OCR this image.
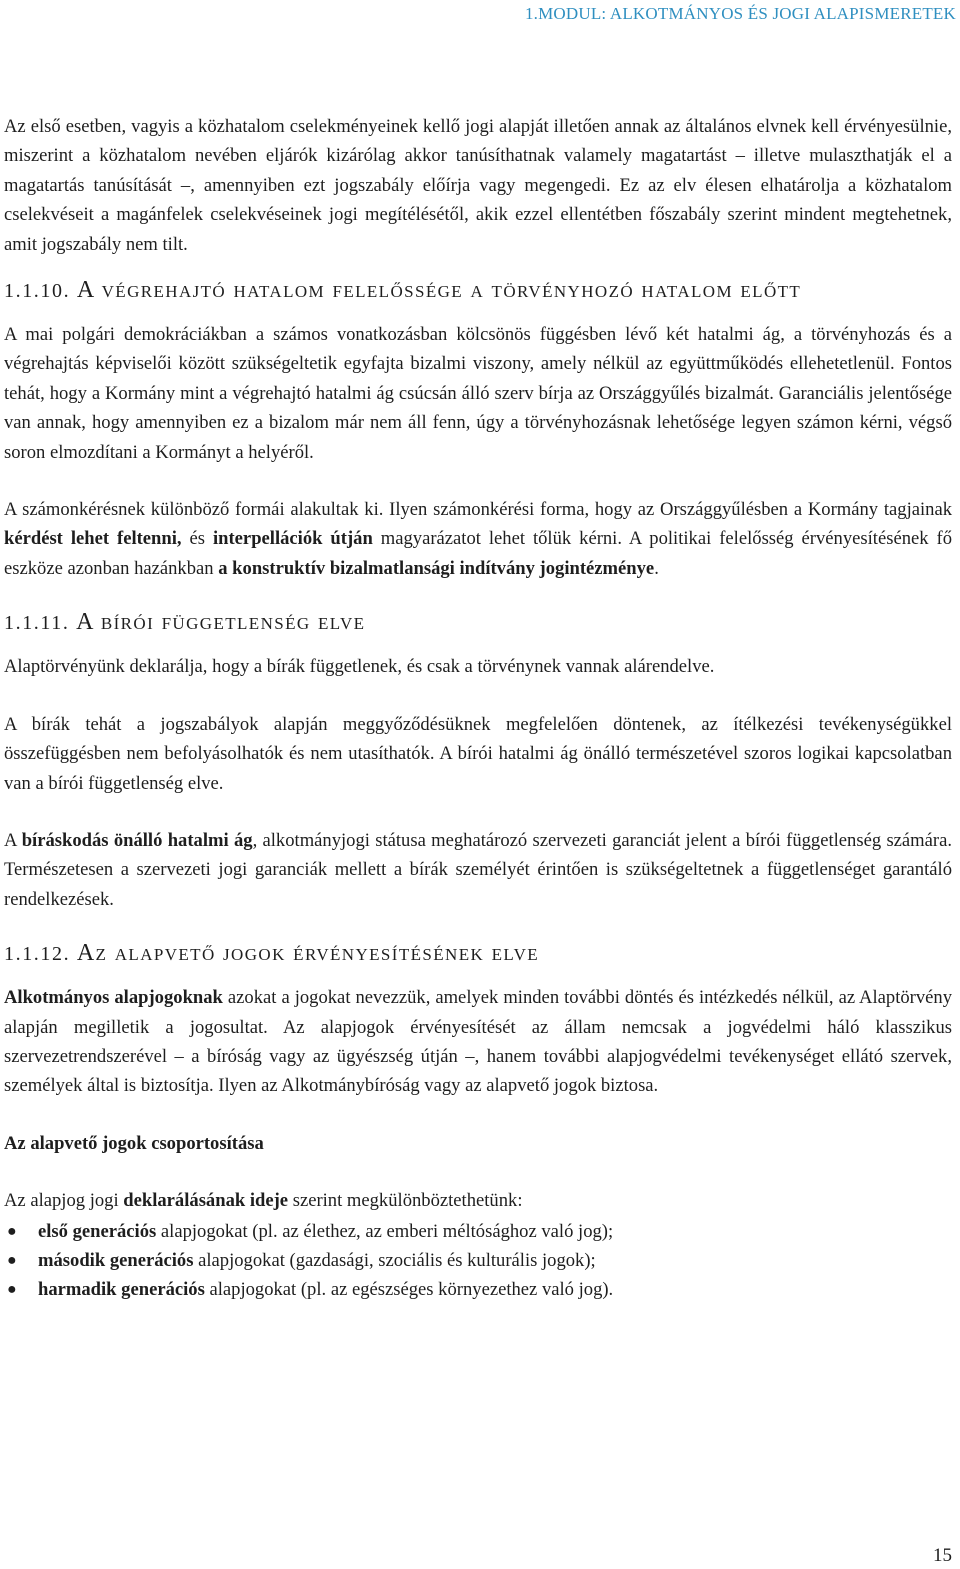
1.MODUL: ALKOTMÁNYOS ÉS JOGI ALAPISMERETEK

Az első esetben, vagyis a közhatalom cselekményeinek kellő jogi alapját illetően annak az általános elvnek kell érvényesülnie, miszerint a közhatalom nevében eljárók kizárólag akkor tanúsíthatnak valamely magatartást – illetve mulaszthatják el a magatartás tanúsítását –, amennyiben ezt jogszabály előírja vagy megengedi. Ez az elv élesen elhatárolja a közhatalom cselekvéseit a magánfelek cselekvéseinek jogi megítélésétől, akik ezzel ellentétben főszabály szerint mindent megtehetnek, amit jogszabály nem tilt.

1.1.10. A végrehajtó hatalom felelőssége a törvényhozó hatalom előtt

A mai polgári demokráciákban a számos vonatkozásban kölcsönös függésben lévő két hatalmi ág, a törvényhozás és a végrehajtás képviselői között szükségeltetik egyfajta bizalmi viszony, amely nélkül az együttműködés ellehetetlenül. Fontos tehát, hogy a Kormány mint a végrehajtó hatalmi ág csúcsán álló szerv bírja az Országgyűlés bizalmát. Garanciális jelentősége van annak, hogy amennyiben ez a bizalom már nem áll fenn, úgy a törvényhozásnak lehetősége legyen számon kérni, végső soron elmozdítani a Kormányt a helyéről.

A számonkérésnek különböző formái alakultak ki. Ilyen számonkérési forma, hogy az Országgyűlésben a Kormány tagjainak kérdést lehet feltenni, és interpellációk útján magyarázatot lehet tőlük kérni. A politikai felelősség érvényesítésének fő eszköze azonban hazánkban a konstruktív bizalmatlansági indítvány jogintézménye.

1.1.11. A bírói függetlenség elve

Alaptörvényünk deklarálja, hogy a bírák függetlenek, és csak a törvénynek vannak alárendelve.

A bírák tehát a jogszabályok alapján meggyőződésüknek megfelelően döntenek, az ítélkezési tevékenységükkel összefüggésben nem befolyásolhatók és nem utasíthatók. A bírói hatalmi ág önálló természetével szoros logikai kapcsolatban van a bírói függetlenség elve.

A bíráskodás önálló hatalmi ág, alkotmányjogi státusa meghatározó szervezeti garanciát jelent a bírói függetlenség számára. Természetesen a szervezeti jogi garanciák mellett a bírák személyét érintően is szükségeltetnek a függetlenséget garantáló rendelkezések.

1.1.12. Az alapvető jogok érvényesítésének elve

Alkotmányos alapjogoknak azokat a jogokat nevezzük, amelyek minden további döntés és intézkedés nélkül, az Alaptörvény alapján megilletik a jogosultat. Az alapjogok érvényesítését az állam nemcsak a jogvédelmi háló klasszikus szervezetrendszerével – a bíróság vagy az ügyészség útján –, hanem további alapjogvédelmi tevékenységet ellátó szervek, személyek által is biztosítja. Ilyen az Alkotmánybíróság vagy az alapvető jogok biztosa.

Az alapvető jogok csoportosítása

Az alapjog jogi deklarálásának ideje szerint megkülönböztethetünk:

● első generációs alapjogokat (pl. az élethez, az emberi méltósághoz való jog);
● második generációs alapjogokat (gazdasági, szociális és kulturális jogok);
● harmadik generációs alapjogokat (pl. az egészséges környezethez való jog).
15
